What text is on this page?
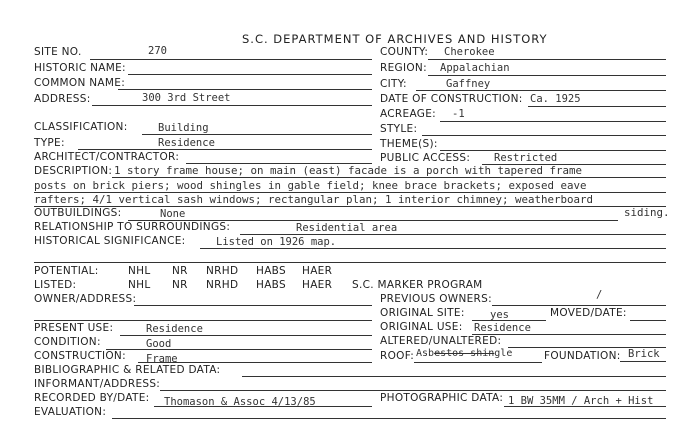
S.C. DEPARTMENT OF ARCHIVES AND HISTORY
SITE NO.	270
HISTORIC NAME:
COMMON NAME:
ADDRESS:	300 3rd Street
COUNTY: Cherokee
REGION: Appalachian
CITY:	Gaffney
DATE OF CONSTRUCTION: Ca. 1925
ACREAGE: -1
STYLE:
THEME(S):
PUBLIC ACCESS: Restricted
CLASSIFICATION:	Building
TYPE:	Residence
ARCHITECT/CONTRACTOR:
DESCRIPTION: 1 story frame house; on main (east) facade is a porch with tapered frame
posts on brick piers; wood shingles in gable field; knee brace brackets; exposed eave
rafters; 4/1 vertical sash windows; rectangular plan; 1 interior chimney; weatherboard
siding.
OUTBUILDINGS:	None
RELATIONSHIP TO SURROUNDINGS:	Residential area
HISTORICAL SIGNIFICANCE:	Listed on 1926 map.
POTENTIAL:	NHL NR NRHD HABS HAER
LISTED:	NHL NR NRHD HABS HAER S.C. MARKER PROGRAM
OWNER/ADDRESS:	PREVIOUS OWNERS:	/
ORIGINAL SITE: yes	MOVED/DATE:
PRESENT USE:	Residence	ORIGINAL USE: Residence
CONDITION:	Good	ALTERED/UNALTERED:
CONSTRUCTION: Frame	ROOF: Asbestos shingle	FOUNDATION: Brick
BIBLIOGRAPHIC & RELATED DATA:
INFORMANT/ADDRESS:
RECORDED BY/DATE: Thomason & Assoc 4/13/85	PHOTOGRAPHIC DATA: 1 BW 35MM / Arch + Hist
EVALUATION:
